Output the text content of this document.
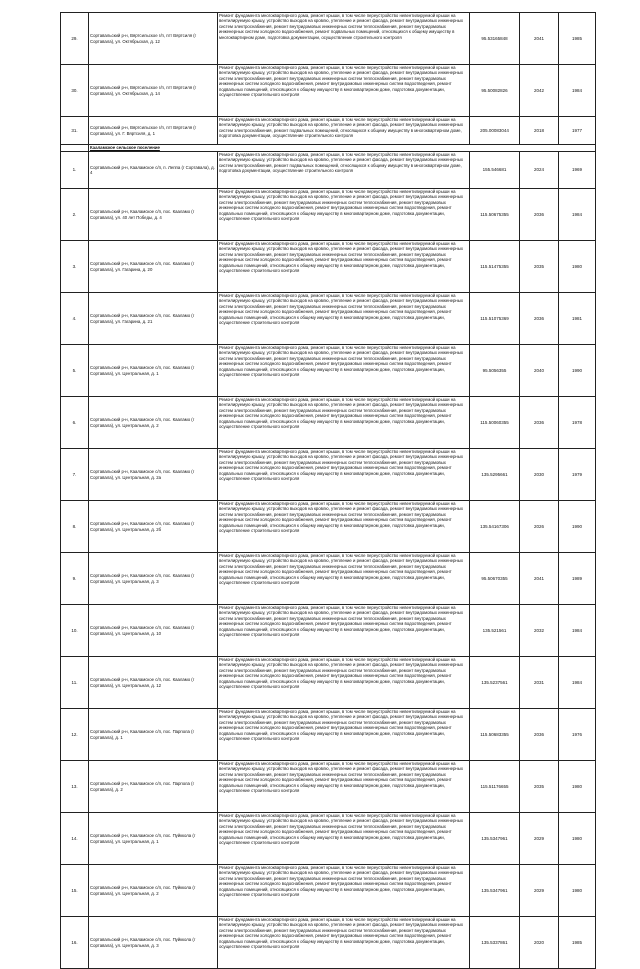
29.	Сортавальский р-н, Вяртсильское г/п, пгт Вяртсиля (г Сортавала), ул. Октябрьская, д. 12	Ремонт фундамента многоквартирного дома, ремонт крыши, в том числе переустройство невентилируемой крыши на вентилируемую крышу, устройство выходов на кровлю, утепление и ремонт фасада, ремонт внутридомовых инженерных систем электроснабжения, ремонт внутридомовых инженерных систем теплоснабжения, ремонт внутридомовых инженерных систем холодного водоснабжения, ремонт подвальных помещений, относящихся к общему имуществу в многоквартирном доме, подготовка документации, осуществление строительного контроля	95.53165848	2041	1985
30.	Сортавальский р-н, Вяртсильское г/п, пгт Вяртсиля (г Сортавала), ул. Октябрьская, д. 14	Ремонт фундамента многоквартирного дома, ремонт крыши, в том числе переустройство невентилируемой крыши на вентилируемую крышу, устройство выходов на кровлю, утепление и ремонт фасада, ремонт внутридомовых инженерных систем электроснабжения, ремонт внутридомовых инженерных систем теплоснабжения, ремонт внутридомовых инженерных систем холодного водоснабжения, ремонт внутридомовых инженерных систем водоотведения, ремонт подвальных помещений, относящихся к общему имуществу в многоквартирном доме, подготовка документации, осуществление строительного контроля	95.50082826	2042	1984
31.	Сортавальский р-н, Вяртсильское г/п, пгт Вяртсиля (г Сортавала), ул. Г. Вяртсиля, д. 1	Ремонт фундамента многоквартирного дома, ремонт крыши, в том числе переустройство невентилируемой крыши на вентилируемую крышу, устройство выходов на кровлю, утепление и ремонт фасада, ремонт внутридомовых инженерных систем электроснабжения, ремонт подвальных помещений, относящихся к общему имуществу в многоквартирном доме, подготовка документации, осуществление строительного контроля	205.00083044	2018	1977
	Кааламское сельское поселение				
1.	Сортавальский р-н, Кааламское с/п, п. Леппа (г Сортавала), д. 4	Ремонт фундамента многоквартирного дома, ремонт крыши, в том числе переустройство невентилируемой крыши на вентилируемую крышу, устройство выходов на кровлю, утепление и ремонт фасада, ремонт внутридомовых инженерных систем электроснабжения, ремонт подвальных помещений, относящихся к общему имуществу в многоквартирном доме, подготовка документации, осуществление строительного контроля	155.546681	2024	1969
2.	Сортавальский р-н, Кааламское с/п, пос. Кааламо (г Сортавала), ул. 40 лет Победы, д. 4	Ремонт фундамента многоквартирного дома, ремонт крыши, в том числе переустройство невентилируемой крыши на вентилируемую крышу, устройство выходов на кровлю, утепление и ремонт фасада, ремонт внутридомовых инженерных систем электроснабжения, ремонт внутридомовых инженерных систем теплоснабжения, ремонт внутридомовых инженерных систем холодного водоснабжения, ремонт внутридомовых инженерных систем водоотведения, ремонт подвальных помещений, относящихся к общему имуществу в многоквартирном доме, подготовка документации, осуществление строительного контроля	115.50675355	2036	1984
3.	Сортавальский р-н, Кааламское с/п, пос. Кааламо (г Сортавала), ул. Гагарина, д. 20	Ремонт фундамента многоквартирного дома, ремонт крыши, в том числе переустройство невентилируемой крыши на вентилируемую крышу, устройство выходов на кровлю, утепление и ремонт фасада, ремонт внутридомовых инженерных систем электроснабжения, ремонт внутридомовых инженерных систем теплоснабжения, ремонт внутридомовых инженерных систем холодного водоснабжения, ремонт внутридомовых инженерных систем водоотведения, ремонт подвальных помещений, относящихся к общему имуществу в многоквартирном доме, подготовка документации, осуществление строительного контроля	115.51475355	2035	1980
4.	Сортавальский р-н, Кааламское с/п, пос. Кааламо (г Сортавала), ул. Гагарина, д. 21	Ремонт фундамента многоквартирного дома, ремонт крыши, в том числе переустройство невентилируемой крыши на вентилируемую крышу, устройство выходов на кровлю, утепление и ремонт фасада, ремонт внутридомовых инженерных систем электроснабжения, ремонт внутридомовых инженерных систем теплоснабжения, ремонт внутридомовых инженерных систем холодного водоснабжения, ремонт внутридомовых инженерных систем водоотведения, ремонт подвальных помещений, относящихся к общему имуществу в многоквартирном доме, подготовка документации, осуществление строительного контроля	115.51075369	2036	1981
5.	Сортавальский р-н, Кааламское с/п, пос. Кааламо (г Сортавала), ул. Центральная, д. 1	Ремонт фундамента многоквартирного дома, ремонт крыши, в том числе переустройство невентилируемой крыши на вентилируемую крышу, устройство выходов на кровлю, утепление и ремонт фасада, ремонт внутридомовых инженерных систем электроснабжения, ремонт внутридомовых инженерных систем теплоснабжения, ремонт внутридомовых инженерных систем холодного водоснабжения, ремонт внутридомовых инженерных систем водоотведения, ремонт подвальных помещений, относящихся к общему имуществу в многоквартирном доме, подготовка документации, осуществление строительного контроля	95.5056355	2040	1990
6.	Сортавальский р-н, Кааламское с/п, пос. Кааламо (г Сортавала), ул. Центральная, д. 2	Ремонт фундамента многоквартирного дома, ремонт крыши, в том числе переустройство невентилируемой крыши на вентилируемую крышу, устройство выходов на кровлю, утепление и ремонт фасада, ремонт внутридомовых инженерных систем электроснабжения, ремонт внутридомовых инженерных систем теплоснабжения, ремонт внутридомовых инженерных систем холодного водоснабжения, ремонт внутридомовых инженерных систем водоотведения, ремонт подвальных помещений, относящихся к общему имуществу в многоквартирном доме, подготовка документации, осуществление строительного контроля	115.50060355	2036	1978
7.	Сортавальский р-н, Кааламское с/п, пос. Кааламо (г Сортавала), ул. Центральная, д. 2а	Ремонт фундамента многоквартирного дома, ремонт крыши, в том числе переустройство невентилируемой крыши на вентилируемую крышу, устройство выходов на кровлю, утепление и ремонт фасада, ремонт внутридомовых инженерных систем электроснабжения, ремонт внутридомовых инженерных систем теплоснабжения, ремонт внутридомовых инженерных систем холодного водоснабжения, ремонт внутридомовых инженерных систем водоотведения, ремонт подвальных помещений, относящихся к общему имуществу в многоквартирном доме, подготовка документации, осуществление строительного контроля	135.5295661	2030	1979
8.	Сортавальский р-н, Кааламское с/п, пос. Кааламо (г Сортавала), ул. Центральная, д. 2б	Ремонт фундамента многоквартирного дома, ремонт крыши, в том числе переустройство невентилируемой крыши на вентилируемую крышу, устройство выходов на кровлю, утепление и ремонт фасада, ремонт внутридомовых инженерных систем электроснабжения, ремонт внутридомовых инженерных систем теплоснабжения, ремонт внутридомовых инженерных систем холодного водоснабжения, ремонт внутридомовых инженерных систем водоотведения, ремонт подвальных помещений, относящихся к общему имуществу в многоквартирном доме, подготовка документации, осуществление строительного контроля	135.54167306	2026	1990
9.	Сортавальский р-н, Кааламское с/п, пос. Кааламо (г Сортавала), ул. Центральная, д. 3	Ремонт фундамента многоквартирного дома, ремонт крыши, в том числе переустройство невентилируемой крыши на вентилируемую крышу, устройство выходов на кровлю, утепление и ремонт фасада, ремонт внутридомовых инженерных систем электроснабжения, ремонт внутридомовых инженерных систем теплоснабжения, ремонт внутридомовых инженерных систем холодного водоснабжения, ремонт внутридомовых инженерных систем водоотведения, ремонт подвальных помещений, относящихся к общему имуществу в многоквартирном доме, подготовка документации, осуществление строительного контроля	95.50670355	2041	1989
10.	Сортавальский р-н, Кааламское с/п, пос. Кааламо (г Сортавала), ул. Центральная, д. 10	Ремонт фундамента многоквартирного дома, ремонт крыши, в том числе переустройство невентилируемой крыши на вентилируемую крышу, устройство выходов на кровлю, утепление и ремонт фасада, ремонт внутридомовых инженерных систем электроснабжения, ремонт внутридомовых инженерных систем теплоснабжения, ремонт внутридомовых инженерных систем холодного водоснабжения, ремонт внутридомовых инженерных систем водоотведения, ремонт подвальных помещений, относящихся к общему имуществу в многоквартирном доме, подготовка документации, осуществление строительного контроля	135.521561	2032	1984
11.	Сортавальский р-н, Кааламское с/п, пос. Кааламо (г Сортавала), ул. Центральная, д. 12	Ремонт фундамента многоквартирного дома, ремонт крыши, в том числе переустройство невентилируемой крыши на вентилируемую крышу, устройство выходов на кровлю, утепление и ремонт фасада, ремонт внутридомовых инженерных систем электроснабжения, ремонт внутридомовых инженерных систем теплоснабжения, ремонт внутридомовых инженерных систем холодного водоснабжения, ремонт внутридомовых инженерных систем водоотведения, ремонт подвальных помещений, относящихся к общему имуществу в многоквартирном доме, подготовка документации, осуществление строительного контроля	135.5237561	2031	1984
12.	Сортавальский р-н, Кааламское с/п, пос. Парпола (г Сортавала), д. 1	Ремонт фундамента многоквартирного дома, ремонт крыши, в том числе переустройство невентилируемой крыши на вентилируемую крышу, устройство выходов на кровлю, утепление и ремонт фасада, ремонт внутридомовых инженерных систем электроснабжения, ремонт внутридомовых инженерных систем теплоснабжения, ремонт внутридомовых инженерных систем холодного водоснабжения, ремонт внутридомовых инженерных систем водоотведения, ремонт подвальных помещений, относящихся к общему имуществу в многоквартирном доме, подготовка документации, осуществление строительного контроля	115.50683355	2036	1976
13.	Сортавальский р-н, Кааламское с/п, пос. Парпола (г Сортавала), д. 2	Ремонт фундамента многоквартирного дома, ремонт крыши, в том числе переустройство невентилируемой крыши на вентилируемую крышу, устройство выходов на кровлю, утепление и ремонт фасада, ремонт внутридомовых инженерных систем электроснабжения, ремонт внутридомовых инженерных систем теплоснабжения, ремонт внутридомовых инженерных систем холодного водоснабжения, ремонт внутридомовых инженерных систем водоотведения, ремонт подвальных помещений, относящихся к общему имуществу в многоквартирном доме, подготовка документации, осуществление строительного контроля	115.51176655	2035	1980
14.	Сортавальский р-н, Кааламское с/п, пос. Пуйккола (г Сортавала), ул. Центральная, д. 1	Ремонт фундамента многоквартирного дома, ремонт крыши, в том числе переустройство невентилируемой крыши на вентилируемую крышу, устройство выходов на кровлю, утепление и ремонт фасада, ремонт внутридомовых инженерных систем электроснабжения, ремонт внутридомовых инженерных систем теплоснабжения, ремонт внутридомовых инженерных систем холодного водоснабжения, ремонт внутридомовых инженерных систем водоотведения, ремонт подвальных помещений, относящихся к общему имуществу в многоквартирном доме, подготовка документации, осуществление строительного контроля	135.5347961	2029	1980
15.	Сортавальский р-н, Кааламское с/п, пос. Пуйккола (г Сортавала), ул. Центральная, д. 2	Ремонт фундамента многоквартирного дома, ремонт крыши, в том числе переустройство невентилируемой крыши на вентилируемую крышу, устройство выходов на кровлю, утепление и ремонт фасада, ремонт внутридомовых инженерных систем электроснабжения, ремонт внутридомовых инженерных систем теплоснабжения, ремонт внутридомовых инженерных систем холодного водоснабжения, ремонт внутридомовых инженерных систем водоотведения, ремонт подвальных помещений, относящихся к общему имуществу в многоквартирном доме, подготовка документации, осуществление строительного контроля	135.5347961	2029	1980
16.	Сортавальский р-н, Кааламское с/п, пос. Пуйккола (г Сортавала), ул. Центральная, д. 3	Ремонт фундамента многоквартирного дома, ремонт крыши, в том числе переустройство невентилируемой крыши на вентилируемую крышу, устройство выходов на кровлю, утепление и ремонт фасада, ремонт внутридомовых инженерных систем электроснабжения, ремонт внутридомовых инженерных систем теплоснабжения, ремонт внутридомовых инженерных систем холодного водоснабжения, ремонт внутридомовых инженерных систем водоотведения, ремонт подвальных помещений, относящихся к общему имуществу в многоквартирном доме, подготовка документации, осуществление строительного контроля	135.5337861	2020	1985
